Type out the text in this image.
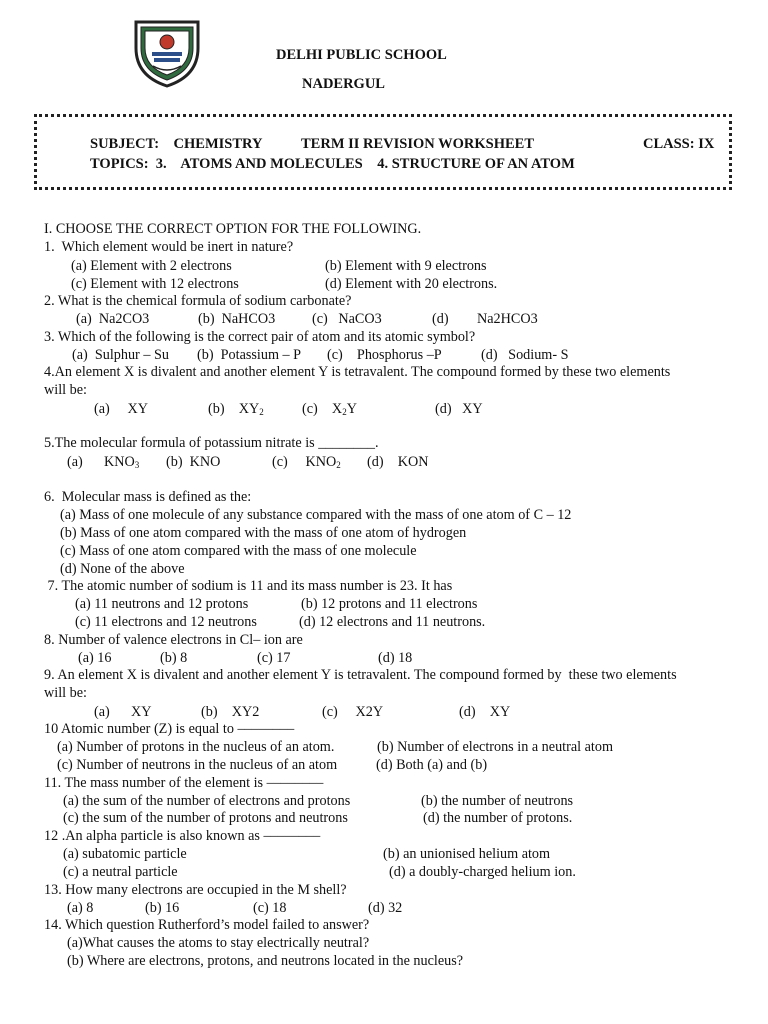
DELHI PUBLIC SCHOOL
NADERGUL
SUBJECT:    CHEMISTRY	TERM II REVISION WORKSHEET	CLASS: IX
TOPICS:  3.    ATOMS AND MOLECULES    4. STRUCTURE OF AN ATOM
I. CHOOSE THE CORRECT OPTION FOR THE FOLLOWING.
1.  Which element would be inert in nature?
(a) Element with 2 electrons	(b) Element with 9 electrons
(c) Element with 12 electrons	(d) Element with 20 electrons.
2. What is the chemical formula of sodium carbonate?
(a)  Na2CO3	(b)  NaHCO3	(c)   NaCO3	(d) Na2HCO3
3. Which of the following is the correct pair of atom and its atomic symbol?
(a)  Sulphur – Su (b)  Potassium – P (c)    Phosphorus –P	(d)   Sodium- S
4.An element X is divalent and another element Y is tetravalent. The compound formed by these two elements
will be:
(a)     XY	(b)    $XY_2$	(c)    $X_2Y$	(d)   XY
5.The molecular formula of potassium nitrate is ________.
(a)      $KNO_3$ (b)  KNO	(c)     $KNO_2$ (d)    KON
6.  Molecular mass is defined as the:
(a) Mass of one molecule of any substance compared with the mass of one atom of C – 12
(b) Mass of one atom compared with the mass of one atom of hydrogen
(c) Mass of one atom compared with the mass of one molecule
(d) None of the above
7. The atomic number of sodium is 11 and its mass number is 23. It has
(a) 11 neutrons and 12 protons	(b) 12 protons and 11 electrons
(c) 11 electrons and 12 neutrons	(d) 12 electrons and 11 neutrons.
8. Number of valence electrons in Cl– ion are
(a) 16	(b) 8	(c) 17	(d) 18
9. An element X is divalent and another element Y is tetravalent. The compound formed by  these two elements
will be:
(a)      XY	(b)    XY2	(c)     X2Y	(d)    XY
10 Atomic number (Z) is equal to ––––––––
(a) Number of protons in the nucleus of an atom.	(b) Number of electrons in a neutral atom
(c) Number of neutrons in the nucleus of an atom	(d) Both (a) and (b)
11. The mass number of the element is ––––––––
(a) the sum of the number of electrons and protons	(b) the number of neutrons
(c) the sum of the number of protons and neutrons	(d) the number of protons.
12 .An alpha particle is also known as ––––––––
(a) subatomic particle	(b) an unionised helium atom
(c) a neutral particle	(d) a doubly-charged helium ion.
13. How many electrons are occupied in the M shell?
(a) 8	(b) 16	(c) 18	(d) 32
14. Which question Rutherford’s model failed to answer?
(a)What causes the atoms to stay electrically neutral?
(b) Where are electrons, protons, and neutrons located in the nucleus?
